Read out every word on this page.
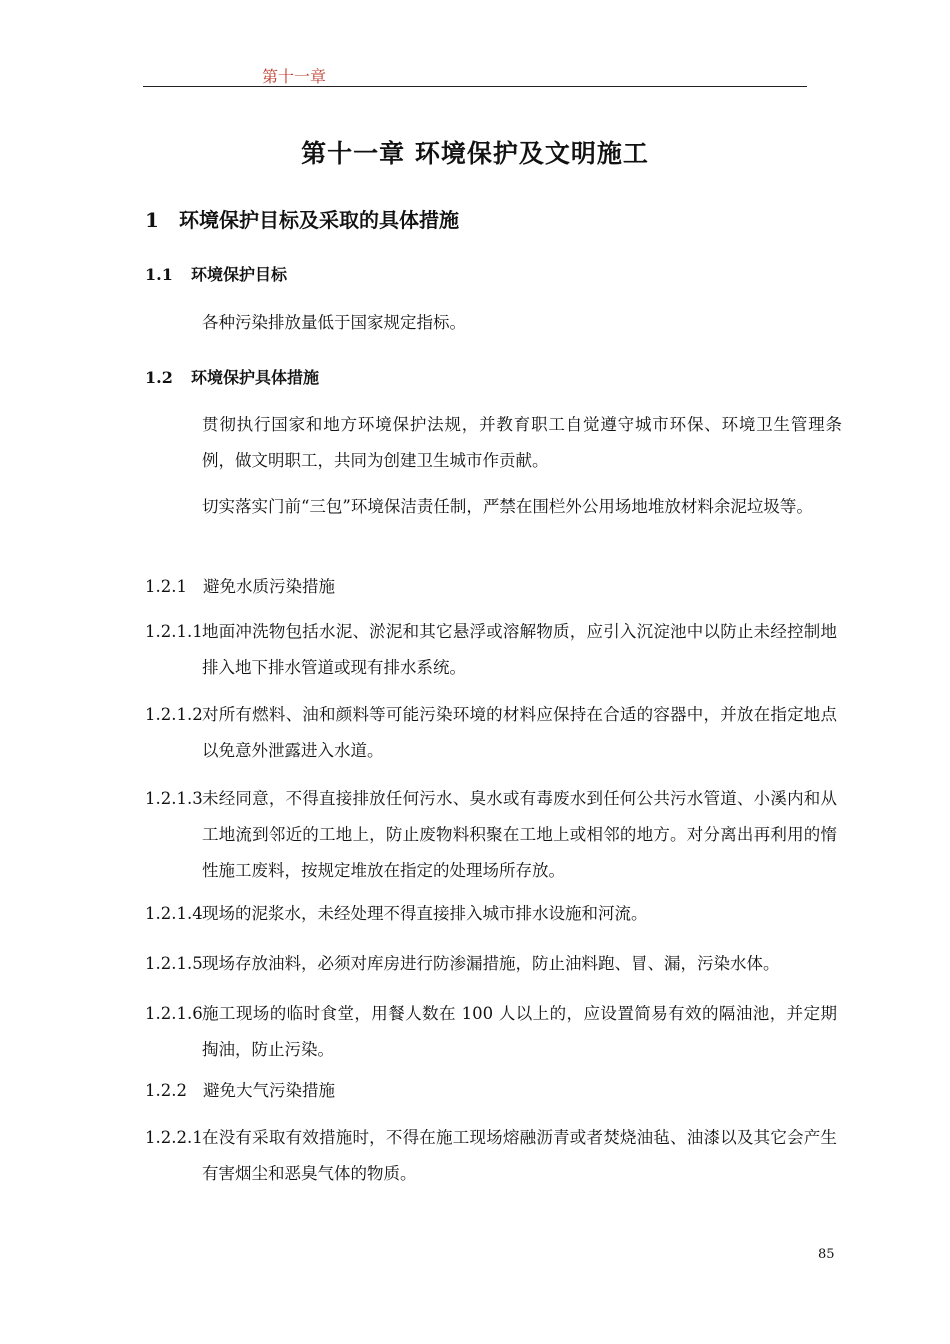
第十一章
第十一章 环境保护及文明施工
1 环境保护目标及采取的具体措施
1.1 环境保护目标
各种污染排放量低于国家规定指标。
1.2 环境保护具体措施
贯彻执行国家和地方环境保护法规，并教育职工自觉遵守城市环保、环境卫生管理条例，做文明职工，共同为创建卫生城市作贡献。
切实落实门前“三包”环境保洁责任制，严禁在围栏外公用场地堆放材料余泥垃圾等。
1.2.1 避免水质污染措施
1.2.1.1 地面冲洗物包括水泥、淤泥和其它悬浮或溶解物质，应引入沉淀池中以防止未经控制地排入地下排水管道或现有排水系统。
1.2.1.2 对所有燃料、油和颜料等可能污染环境的材料应保持在合适的容器中，并放在指定地点以免意外泄露进入水道。
1.2.1.3 未经同意，不得直接排放任何污水、臭水或有毒废水到任何公共污水管道、小溪内和从工地流到邻近的工地上，防止废物料积聚在工地上或相邻的地方。对分离出再利用的惰性施工废料，按规定堆放在指定的处理场所存放。
1.2.1.4 现场的泥浆水，未经处理不得直接排入城市排水设施和河流。
1.2.1.5 现场存放油料，必须对库房进行防渗漏措施，防止油料跑、冒、漏，污染水体。
1.2.1.6 施工现场的临时食堂，用餐人数在 100 人以上的，应设置简易有效的隔油池，并定期掏油，防止污染。
1.2.2 避免大气污染措施
1.2.2.1 在没有采取有效措施时，不得在施工现场熔融沥青或者焚烧油毡、油漆以及其它会产生有害烟尘和恶臭气体的物质。
85
